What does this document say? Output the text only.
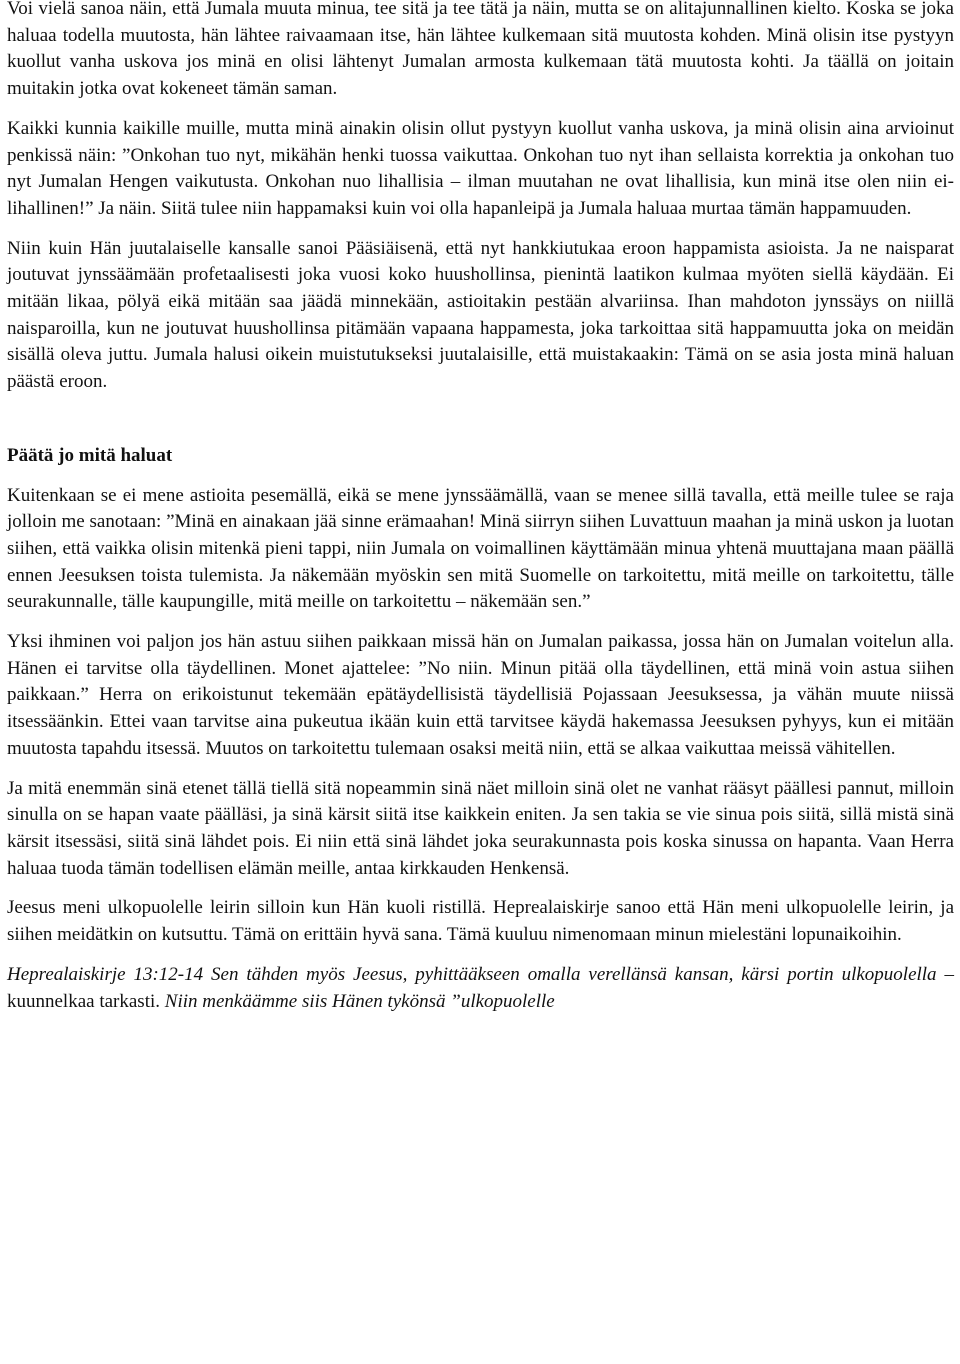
Voi vielä sanoa näin, että Jumala muuta minua, tee sitä ja tee tätä ja näin, mutta se on alitajunnallinen kielto. Koska se joka haluaa todella muutosta, hän lähtee raivaamaan itse, hän lähtee kulkemaan sitä muutosta kohden. Minä olisin itse pystyyn kuollut vanha uskova jos minä en olisi lähtenyt Jumalan armosta kulkemaan tätä muutosta kohti. Ja täällä on joitain muitakin jotka ovat kokeneet tämän saman.

Kaikki kunnia kaikille muille, mutta minä ainakin olisin ollut pystyyn kuollut vanha uskova, ja minä olisin aina arvioinut penkissä näin: ”Onkohan tuo nyt, mikähän henki tuossa vaikuttaa. Onkohan tuo nyt ihan sellaista korrektia ja onkohan tuo nyt Jumalan Hengen vaikutusta. Onkohan nuo lihallisia – ilman muutahan ne ovat lihallisia, kun minä itse olen niin ei-lihallinen!” Ja näin. Siitä tulee niin happamaksi kuin voi olla hapanleipä ja Jumala haluaa murtaa tämän happamuuden.

Niin kuin Hän juutalaiselle kansalle sanoi Pääsiäisenä, että nyt hankkiutukaa eroon happamista asioista. Ja ne naisparat joutuvat jynssäämään profetaalisesti joka vuosi koko huushollinsa, pienintä laatikon kulmaa myöten siellä käydään. Ei mitään likaa, pölyä eikä mitään saa jäädä minnekään, astioitakin pestään alvariinsa. Ihan mahdoton jynssäys on niillä naisparoilla, kun ne joutuvat huushollinsa pitämään vapaana happamesta, joka tarkoittaa sitä happamuutta joka on meidän sisällä oleva juttu. Jumala halusi oikein muistutukseksi juutalaisille, että muistakaakin: Tämä on se asia josta minä haluan päästä eroon.

Päätä jo mitä haluat

Kuitenkaan se ei mene astioita pesemällä, eikä se mene jynssäämällä, vaan se menee sillä tavalla, että meille tulee se raja jolloin me sanotaan: ”Minä en ainakaan jää sinne erämaahan! Minä siirryn siihen Luvattuun maahan ja minä uskon ja luotan siihen, että vaikka olisin mitenkä pieni tappi, niin Jumala on voimallinen käyttämään minua yhtenä muuttajana maan päällä ennen Jeesuksen toista tulemista. Ja näkemään myöskin sen mitä Suomelle on tarkoitettu, mitä meille on tarkoitettu, tälle seurakunnalle, tälle kaupungille, mitä meille on tarkoitettu – näkemään sen.”

Yksi ihminen voi paljon jos hän astuu siihen paikkaan missä hän on Jumalan paikassa, jossa hän on Jumalan voitelun alla. Hänen ei tarvitse olla täydellinen. Monet ajattelee: ”No niin. Minun pitää olla täydellinen, että minä voin astua siihen paikkaan.” Herra on erikoistunut tekemään epätäydellisistä täydellisiä Pojassaan Jeesuksessa, ja vähän muute niissä itsessäänkin. Ettei vaan tarvitse aina pukeutua ikään kuin että tarvitsee käydä hakemassa Jeesuksen pyhyys, kun ei mitään muutosta tapahdu itsessä. Muutos on tarkoitettu tulemaan osaksi meitä niin, että se alkaa vaikuttaa meissä vähitellen.

Ja mitä enemmän sinä etenet tällä tiellä sitä nopeammin sinä näet milloin sinä olet ne vanhat rääsyt päällesi pannut, milloin sinulla on se hapan vaate päälläsi, ja sinä kärsit siitä itse kaikkein eniten. Ja sen takia se vie sinua pois siitä, sillä mistä sinä kärsit itsessäsi, siitä sinä lähdet pois. Ei niin että sinä lähdet joka seurakunnasta pois koska sinussa on hapanta. Vaan Herra haluaa tuoda tämän todellisen elämän meille, antaa kirkkauden Henkensä.

Jeesus meni ulkopuolelle leirin silloin kun Hän kuoli ristillä. Heprealaiskirje sanoo että Hän meni ulkopuolelle leirin, ja siihen meidätkin on kutsuttu. Tämä on erittäin hyvä sana. Tämä kuuluu nimenomaan minun mielestäni lopunaikoihin.

Heprealaiskirje 13:12-14 Sen tähden myös Jeesus, pyhittääkseen omalla verellänsä kansan, kärsi portin ulkopuolella – kuunnelkaa tarkasti. Niin menkäämme siis Hänen tykönsä ”ulkopuolelle
